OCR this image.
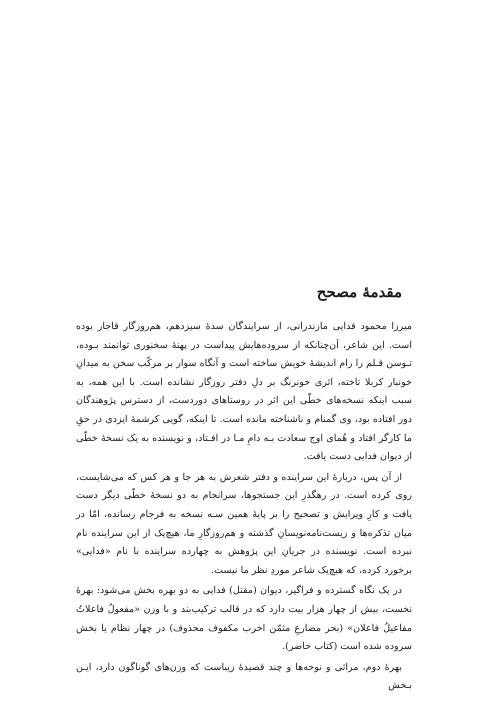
مقدمهٔ مصحح

میرزا محمود فدایی مازندرانی، از سرایندگان سدهٔ سیزدهم، هم‌روزگار قاجار بوده است. این شاعر، آن‌چنانکه از سروده‌هایش پیداست در پهنهٔ سخنوری توانمند بـوده، تـوسن قـلم را رام اندیشهٔ خویش ساخته است و آنگاه سوار بر مرکّب سخن به میدانِ خونبار کربلا تاخته، اثری خونرنگ بر دلِ دفتر روزگار نشانده است. با این همه، به سبب اینکه نسخه‌های خطّی این اثر در روستاهای دوردست، از دسترس پژوهندگان دور افتاده بود، وی گمنام و ناشناخته مانده است. تا اینکه، گویی کرشمهٔ ایزدی در حقِ ما کارگر افتاد و هُمای اوج سعادت بـه دامِ مـا در افـتاد، و نویسنده به یک نسخهٔ خطّی از دیوان فدایی دست یافت.

از آن پس، دربارهٔ این سراینده و دفتر شعرش به هر جا و هر کس که می‌شایست، روی کرده است. در رهگذرِ این جستجوها، سرانجام به دو نسخهٔ خطّی دیگر دست یافت و کارِ ویرایش و تصحیح را بر پایهٔ همین سـه نسخه به فرجام رسانده، امّا در میان تذکره‌ها و زیست‌نامه‌نویسانِ گذشته و هم‌روزگارِ ما، هیچ‌یک از این سراینده نام نبرده است. نویسنده در جریانِ این پژوهش به چهارده سراینده با نام «فدایی» برخورد کرده، که هیچ‌یک شاعر موردِ نظر ما نیست.

در یک نگاه گسترده و فراگیر، دیوان (مقتل) فدایی به دو بهره بخش می‌شود: بهرهٔ نخست، بیش از چهار هزار بیت دارد که در قالب ترکیب‌بند و با وزن «مفعولُ فاعلاتُ مفاعیلُ فاعلان» (بحر مضارعِ مثمّن اخرب مکفوف محذوف) در چهار نظام یا بخش سروده شده است (کتاب حاضر).

بهرهٔ دوم، مراثی و نوحه‌ها و چند قصیدهٔ زیباست که وزن‌های گوناگون دارد، ایـن بـخش
